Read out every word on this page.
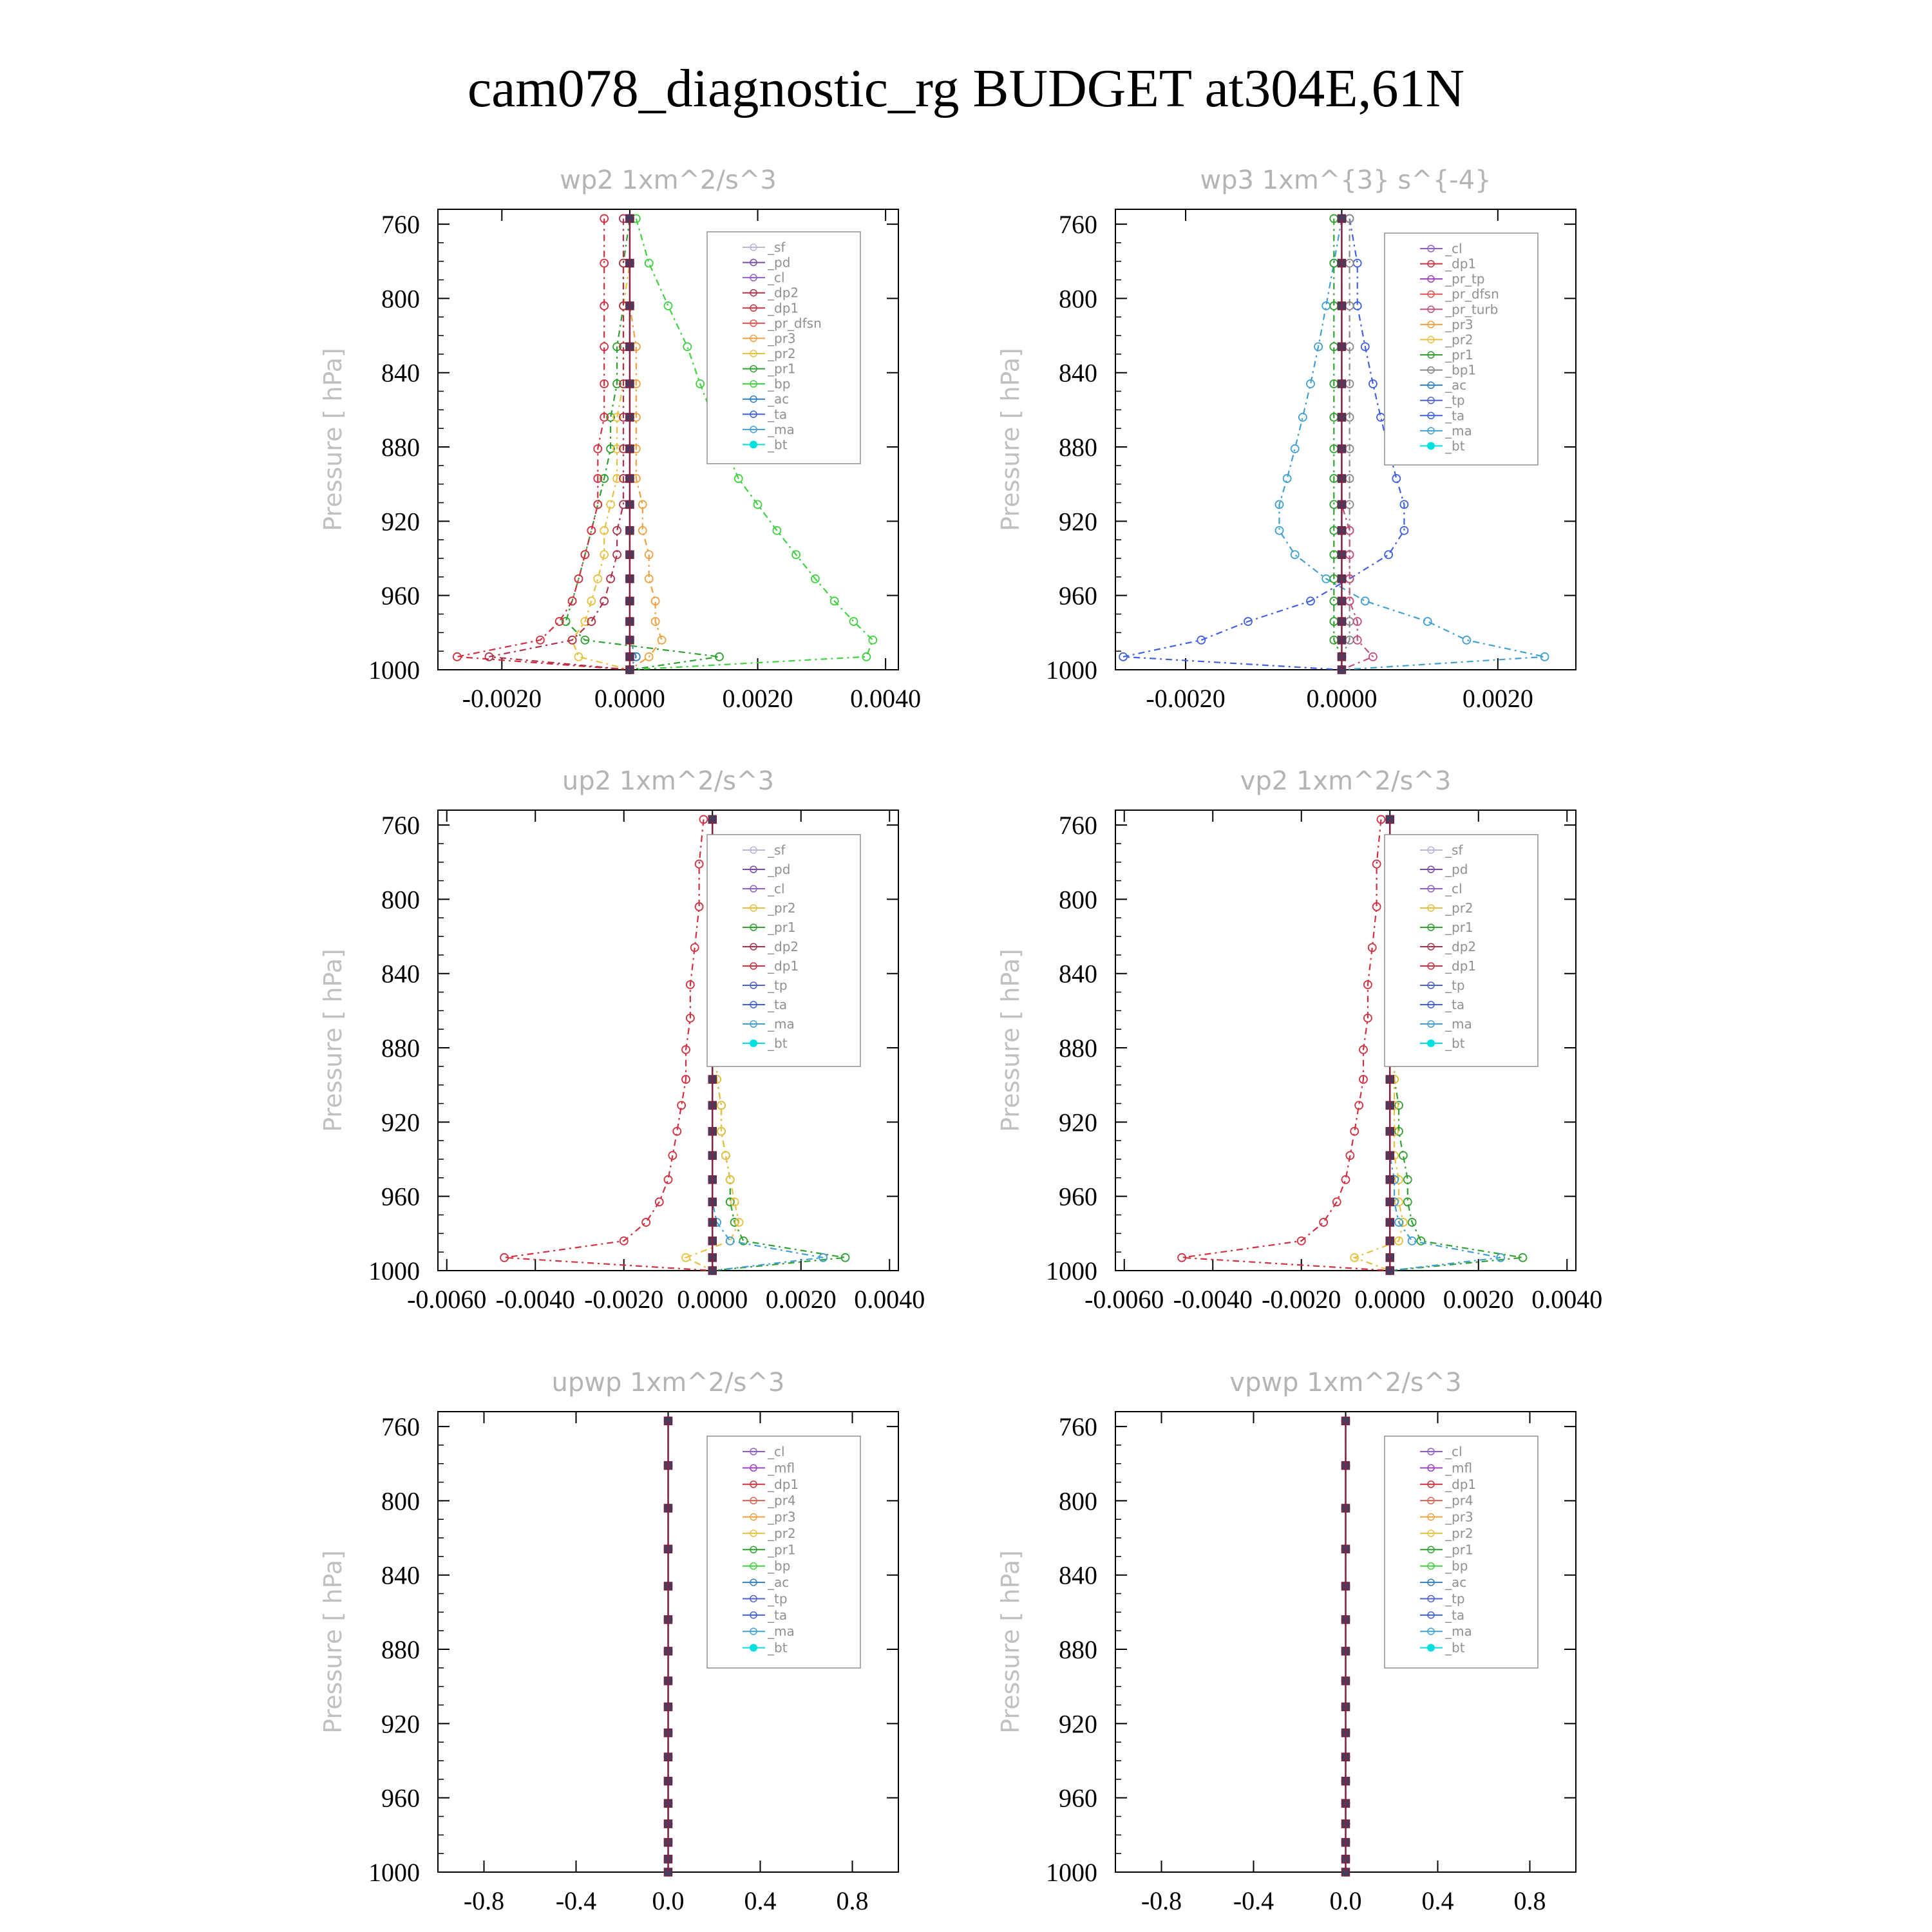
cam078_diagnostic_rg BUDGET at304E,61N
wp2 1xm^2/s^3
Pressure [ hPa]
760
800
840
880
920
960
1000
-0.0020 0.0000 0.0020 0.0040
_sf
_pd
_cl
_dp2
_dp1
_pr_dfsn
_pr3
_pr2
_pr1
_bp
_ac
_ta
_ma
_bt
wp3 1xm^{3} s^{-4}
Pressure [ hPa]
760
800
840
880
920
960
1000
-0.0020	0.0000	0.0020
_cl
_dp1
_pr_tp
_pr_dfsn
_pr_turb
_pr3
_pr2
_pr1
_bp1
_ac
_tp
_ta
_ma
_bt
up2 1xm^2/s^3
Pressure [ hPa]
760
800
840
880
920
960
1000
-0.0060 -0.0040 -0.0020 0.0000 0.0020 0.0040
_sf
_pd
_cl
_pr2
_pr1
_dp2
_dp1
_tp
_ta
_ma
_bt
vp2 1xm^2/s^3
Pressure [ hPa]
760
800
840
880
920
960
1000
-0.0060 -0.0040 -0.0020 0.0000 0.0020 0.0040
_sf
_pd
_cl
_pr2
_pr1
_dp2
_dp1
_tp
_ta
_ma
_bt
upwp 1xm^2/s^3
Pressure [ hPa]
760
800
840
880
920
960
1000
-0.8 -0.4 0.0 0.4 0.8
_cl
_mfl
_dp1
_pr4
_pr3
_pr2
_pr1
_bp
_ac
_tp
_ta
_ma
_bt
vpwp 1xm^2/s^3
Pressure [ hPa]
760
800
840
880
920
960
1000
-0.8 -0.4 0.0 0.4 0.8
_cl
_mfl
_dp1
_pr4
_pr3
_pr2
_pr1
_bp
_ac
_tp
_ta
_ma
_bt
